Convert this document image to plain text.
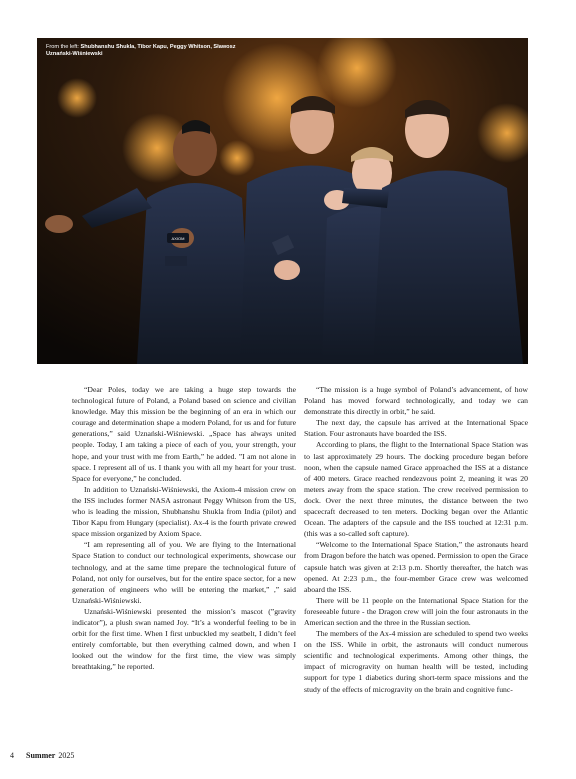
AXIOM
From the left: Shubhanshu Shukla, Tibor Kapu, Peggy Whitson, Sławosz Uznański-Wiśniewski

“Dear Poles, today we are taking a huge step towards the technological future of Poland, a Poland based on science and civilian knowledge. May this mission be the beginning of an era in which our courage and determination shape a modern Poland, for us and for future generations,” said Uznański-Wiśniewski. „Space has always united people. Today, I am taking a piece of each of you, your strength, your hope, and your trust with me from Earth,” he added. ”I am not alone in space. I represent all of us. I thank you with all my heart for your trust. Space for everyone,” he concluded.

In addition to Uznański-Wiśniewski, the Axiom-4 mission crew on the ISS includes former NASA astronaut Peggy Whitson from the US, who is leading the mission, Shubhanshu Shukla from India (pilot) and Tibor Kapu from Hungary (specialist). Ax-4 is the fourth private crewed space mission organized by Axiom Space.

“I am representing all of you. We are flying to the International Space Station to conduct our technological experiments, showcase our technology, and at the same time prepare the technological future of Poland, not only for ourselves, but for the entire space sector, for a new generation of engineers who will be entering the market,” ,” said Uznański-Wiśniewski.

Uznański-Wiśniewski presented the mission’s mascot (”gravity indicator”), a plush swan named Joy. “It’s a wonderful feeling to be in orbit for the first time. When I first unbuckled my seatbelt, I didn’t feel entirely comfortable, but then everything calmed down, and when I looked out the window for the first time, the view was simply breathtaking,” he reported.

“The mission is a huge symbol of Poland’s advancement, of how Poland has moved forward technologically, and today we can demonstrate this directly in orbit,” he said.

The next day, the capsule has arrived at the International Space Station. Four astronauts have boarded the ISS.

According to plans, the flight to the International Space Station was to last approximately 29 hours. The docking procedure began before noon, when the capsule named Grace approached the ISS at a distance of 400 meters. Grace reached rendezvous point 2, meaning it was 20 meters away from the space station. The crew received permission to dock. Over the next three minutes, the distance between the two spacecraft decreased to ten meters. Docking began over the Atlantic Ocean. The adapters of the capsule and the ISS touched at 12:31 p.m. (this was a so-called soft capture).

“Welcome to the International Space Station,” the astronauts heard from Dragon before the hatch was opened. Permission to open the Grace capsule hatch was given at 2:13 p.m. Shortly thereafter, the hatch was opened. At 2:23 p.m., the four-member Grace crew was welcomed aboard the ISS.

There will be 11 people on the International Space Station for the foreseeable future - the Dragon crew will join the four astronauts in the American section and the three in the Russian section.

The members of the Ax-4 mission are scheduled to spend two weeks on the ISS. While in orbit, the astronauts will conduct numerous scientific and technological experiments. Among other things, the impact of microgravity on human health will be tested, including support for type 1 diabetics during short-term space missions and the study of the effects of microgravity on the brain and cognitive func-

4 Summer 2025
